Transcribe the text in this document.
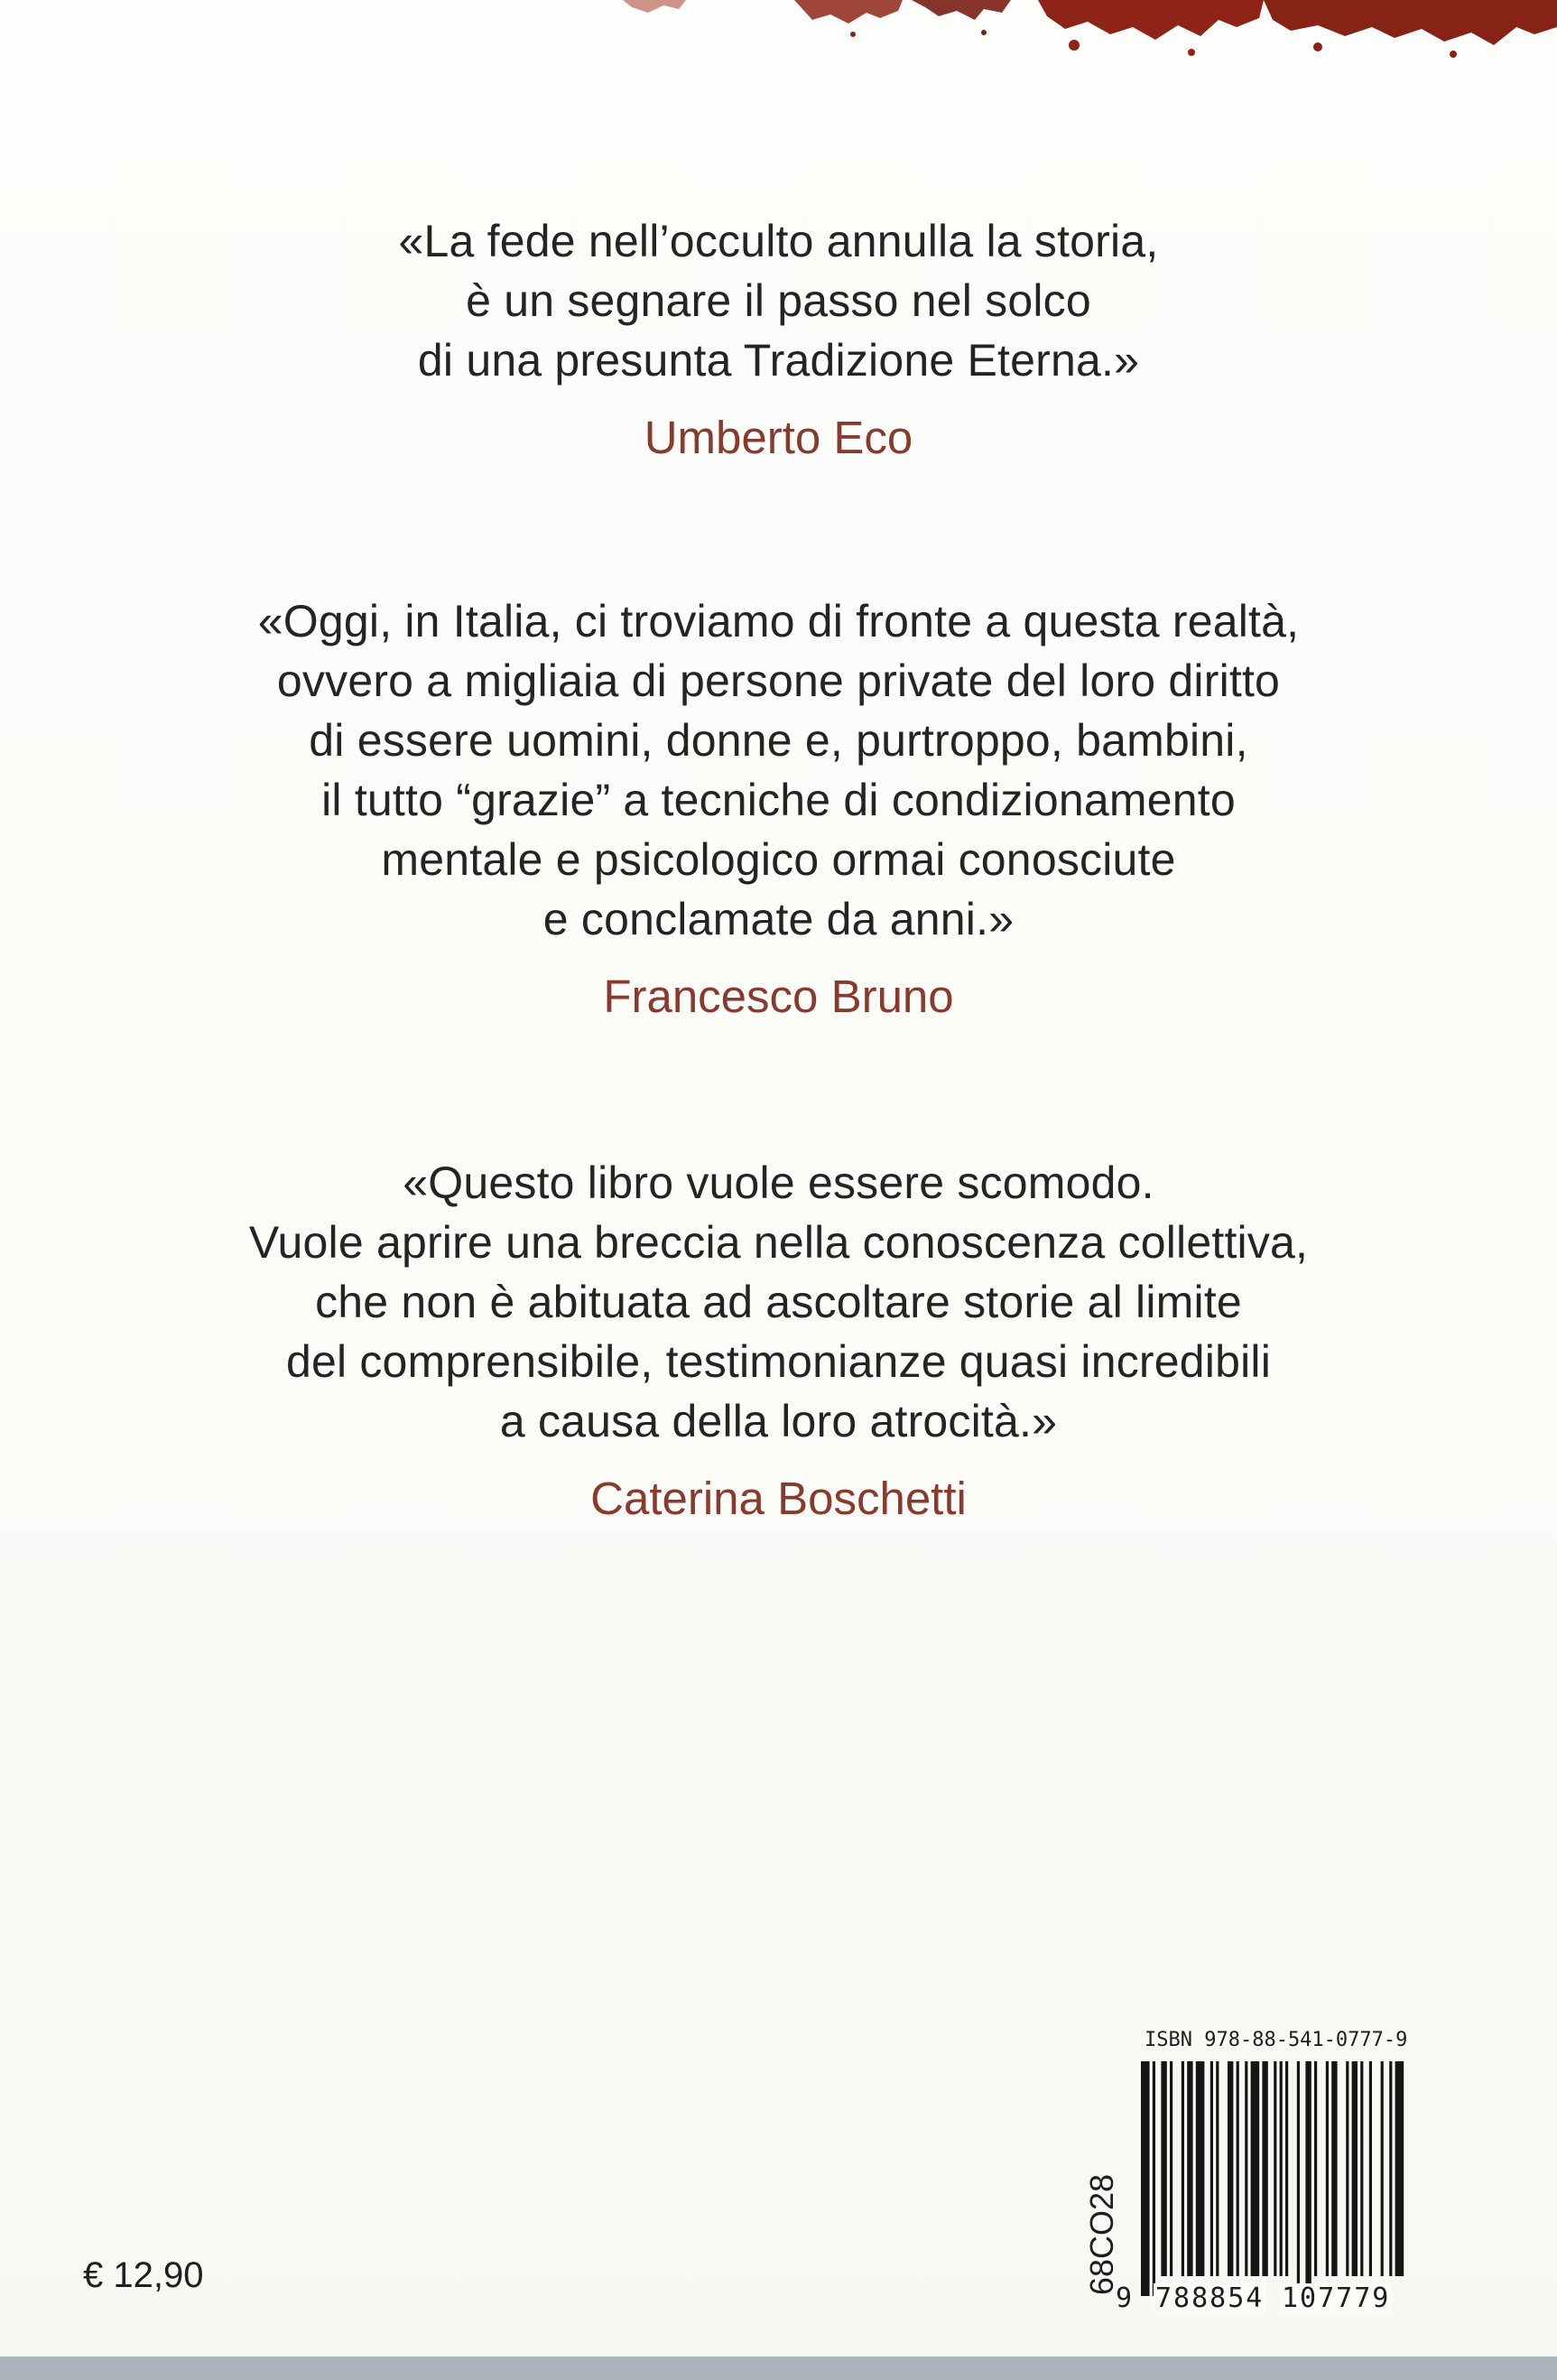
«La fede nell’occulto annulla la storia,
è un segnare il passo nel solco
di una presunta Tradizione Eterna.»
Umberto Eco
«Oggi, in Italia, ci troviamo di fronte a questa realtà,
ovvero a migliaia di persone private del loro diritto
di essere uomini, donne e, purtroppo, bambini,
il tutto “grazie” a tecniche di condizionamento
mentale e psicologico ormai conosciute
e conclamate da anni.»
Francesco Bruno
«Questo libro vuole essere scomodo.
Vuole aprire una breccia nella conoscenza collettiva,
che non è abituata ad ascoltare storie al limite
del comprensibile, testimonianze quasi incredibili
a causa della loro atrocità.»
Caterina Boschetti
€ 12,90
ISBN 978-88-541-0777-9
68CO28
9 788854 107779
